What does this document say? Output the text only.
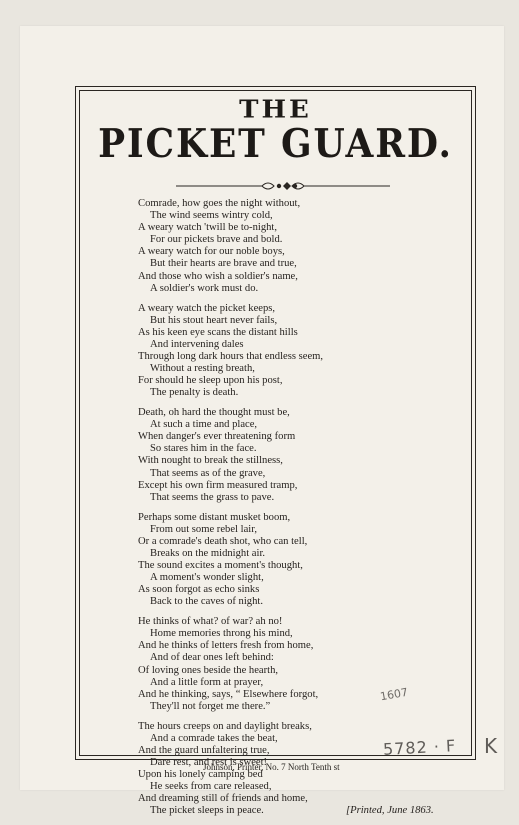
THE
PICKET GUARD.
Comrade, how goes the night without,
The wind seems wintry cold,
A weary watch 'twill be to-night,
For our pickets brave and bold.
A weary watch for our noble boys,
But their hearts are brave and true,
And those who wish a soldier's name,
A soldier's work must do.
A weary watch the picket keeps,
But his stout heart never fails,
As his keen eye scans the distant hills
And intervening dales
Through long dark hours that endless seem,
Without a resting breath,
For should he sleep upon his post,
The penalty is death.
Death, oh hard the thought must be,
At such a time and place,
When danger's ever threatening form
So stares him in the face.
With nought to break the stillness,
That seems as of the grave,
Except his own firm measured tramp,
That seems the grass to pave.
Perhaps some distant musket boom,
From out some rebel lair,
Or a comrade's death shot, who can tell,
Breaks on the midnight air.
The sound excites a moment's thought,
A moment's wonder slight,
As soon forgot as echo sinks
Back to the caves of night.
He thinks of what? of war? ah no!
Home memories throng his mind,
And he thinks of letters fresh from home,
And of dear ones left behind:
Of loving ones beside the hearth,
And a little form at prayer,
And he thinking, says, “ Elsewhere forgot,
They'll not forget me there.”
The hours creeps on and daylight breaks,
And a comrade takes the beat,
And the guard unfaltering true,
Dare rest, and rest is sweet!
Upon his lonely camping bed
He seeks from care released,
And dreaming still of friends and home,
The picket sleeps in peace.	[Printed, June 1863.
Johnson, Printer, No. 7 North Tenth st
1607
5782 · F K
